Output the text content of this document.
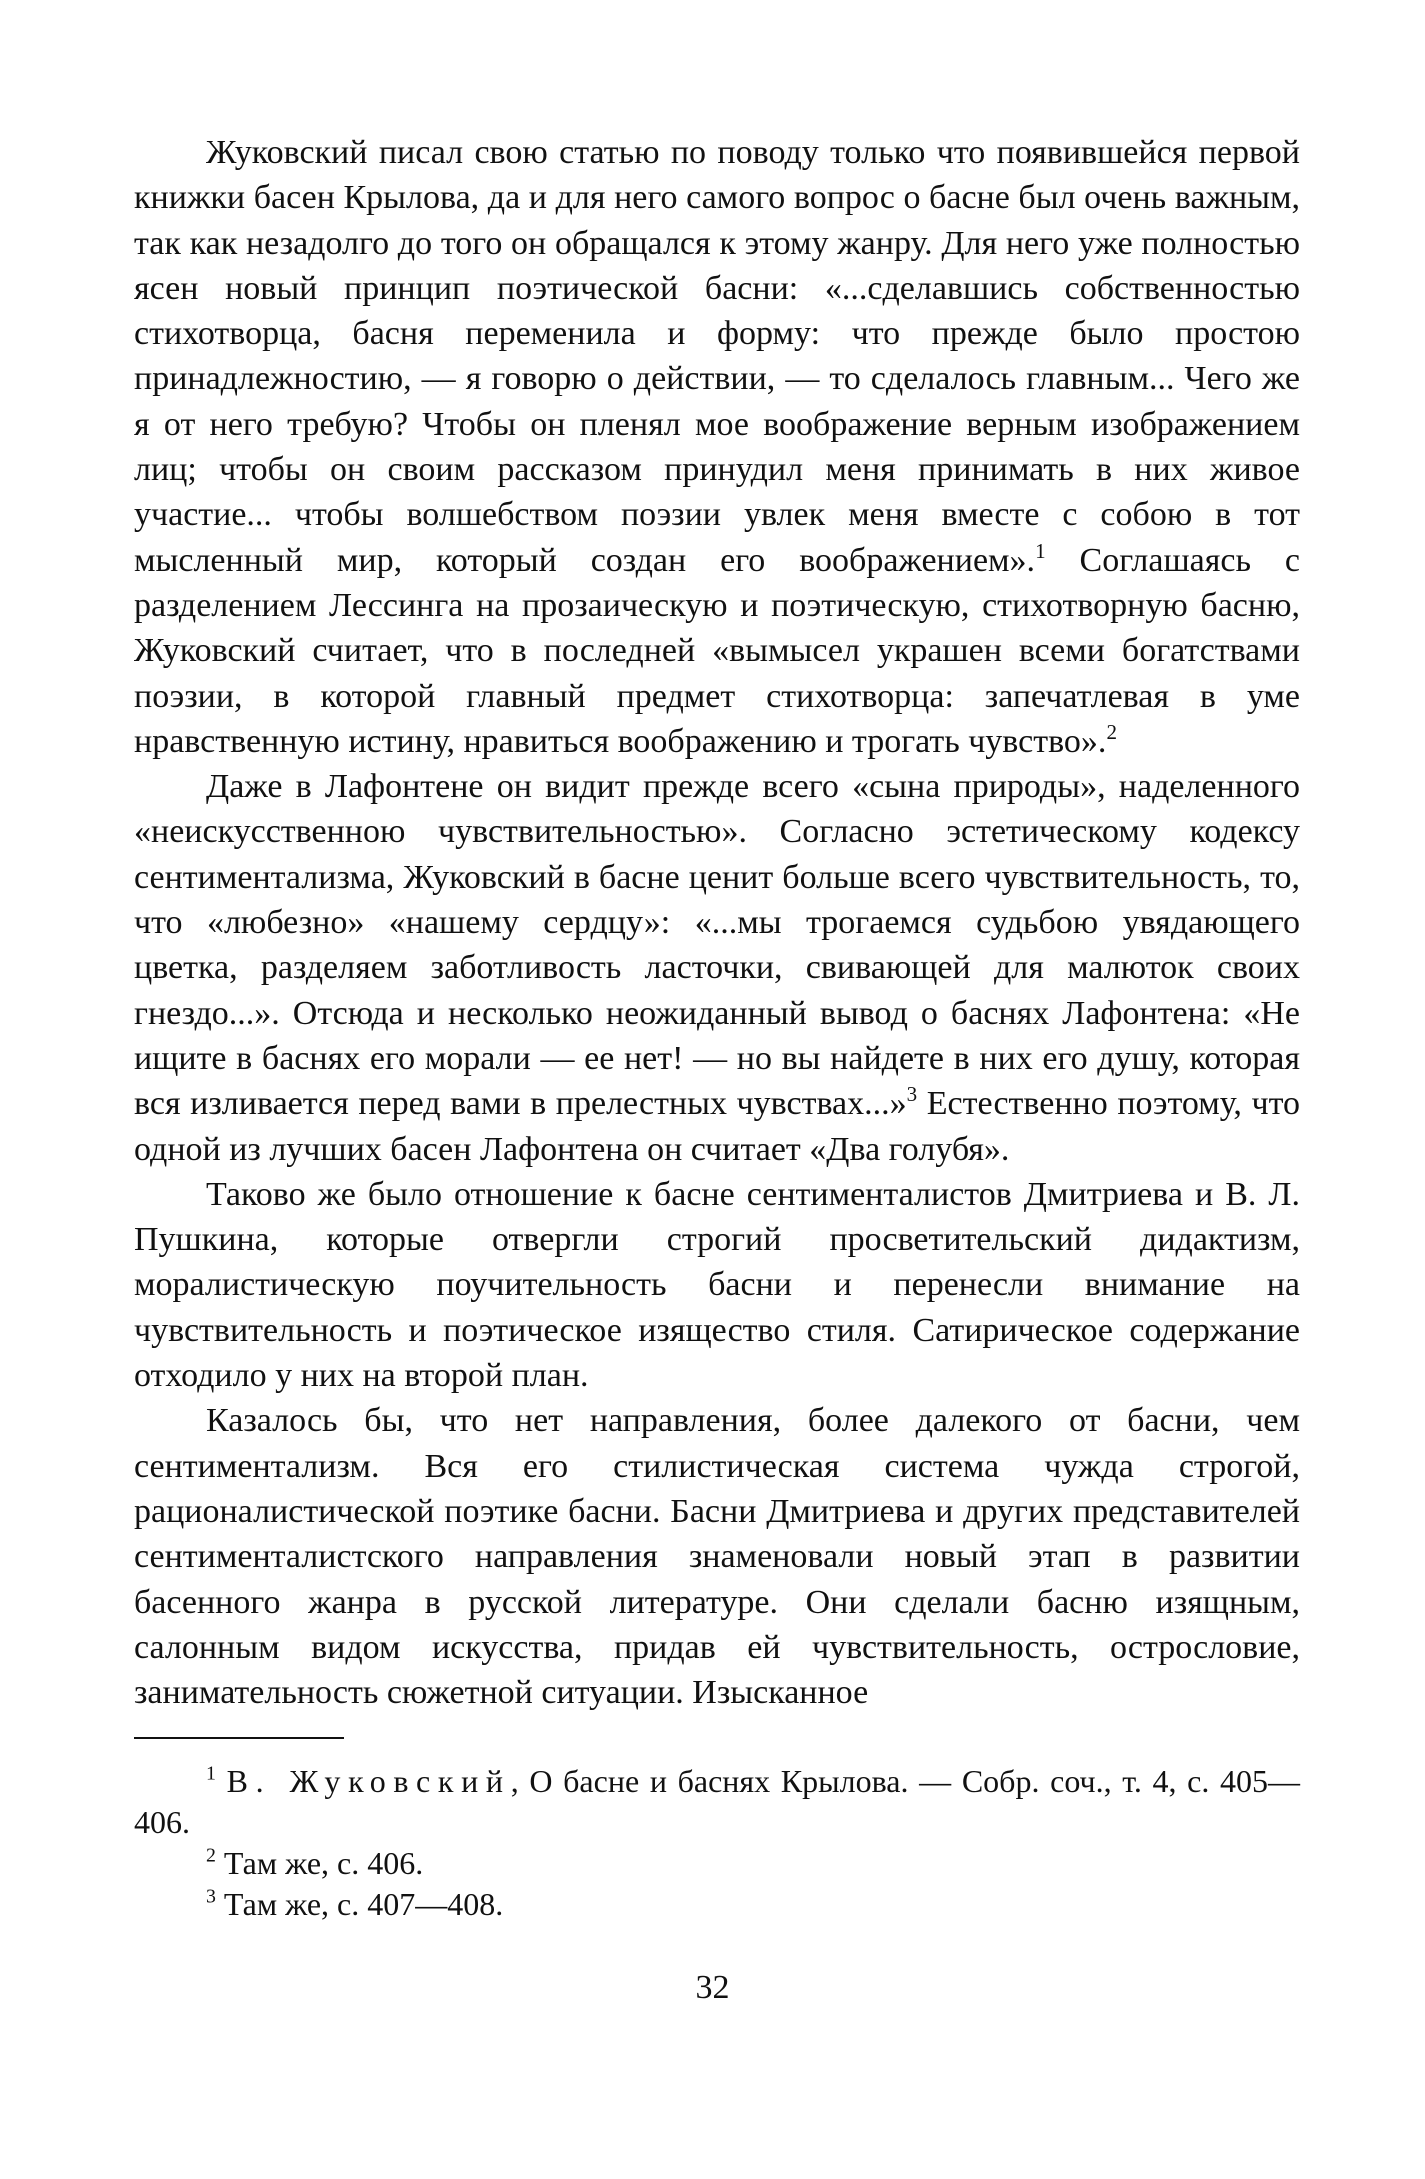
Жуковский писал свою статью по поводу только что появившейся первой книжки басен Крылова, да и для него самого вопрос о басне был очень важным, так как незадолго до того он обращался к этому жанру. Для него уже полностью ясен новый принцип поэтической басни: «...сделавшись собственностью стихотворца, басня переменила и форму: что прежде было простою принадлежностию, — я говорю о действии, — то сделалось главным... Чего же я от него требую? Чтобы он пленял мое воображение верным изображением лиц; чтобы он своим рассказом принудил меня принимать в них живое участие... чтобы волшебством поэзии увлек меня вместе с собою в тот мысленный мир, который создан его воображением».$^1$ Соглашаясь с разделением Лессинга на прозаическую и поэтическую, стихотворную басню, Жуковский считает, что в последней «вымысел украшен всеми богатствами поэзии, в которой главный предмет стихотворца: запечатлевая в уме нравственную истину, нравиться воображению и трогать чувство».$^2$

Даже в Лафонтене он видит прежде всего «сына природы», наделенного «неискусственною чувствительностью». Согласно эстетическому кодексу сентиментализма, Жуковский в басне ценит больше всего чувствительность, то, что «любезно» «нашему сердцу»: «...мы трогаемся судьбою увядающего цветка, разделяем заботливость ласточки, свивающей для малюток своих гнездо...». Отсюда и несколько неожиданный вывод о баснях Лафонтена: «Не ищите в баснях его морали — ее нет! — но вы найдете в них его душу, которая вся изливается перед вами в прелестных чувствах...»$^3$ Естественно поэтому, что одной из лучших басен Лафонтена он считает «Два голубя».

Таково же было отношение к басне сентименталистов Дмитриева и В. Л. Пушкина, которые отвергли строгий просветительский дидактизм, моралистическую поучительность басни и перенесли внимание на чувствительность и поэтическое изящество стиля. Сатирическое содержание отходило у них на второй план.

Казалось бы, что нет направления, более далекого от басни, чем сентиментализм. Вся его стилистическая система чужда строгой, рационалистической поэтике басни. Басни Дмитриева и других представителей сентименталистского направления знаменовали новый этап в развитии басенного жанра в русской литературе. Они сделали басню изящным, салонным видом искусства, придав ей чувствительность, острословие, занимательность сюжетной ситуации. Изысканное

$^1$ В. Жуковский, О басне и баснях Крылова. — Собр. соч., т. 4, с. 405—406.

$^2$ Там же, с. 406.

$^3$ Там же, с. 407—408.

32
